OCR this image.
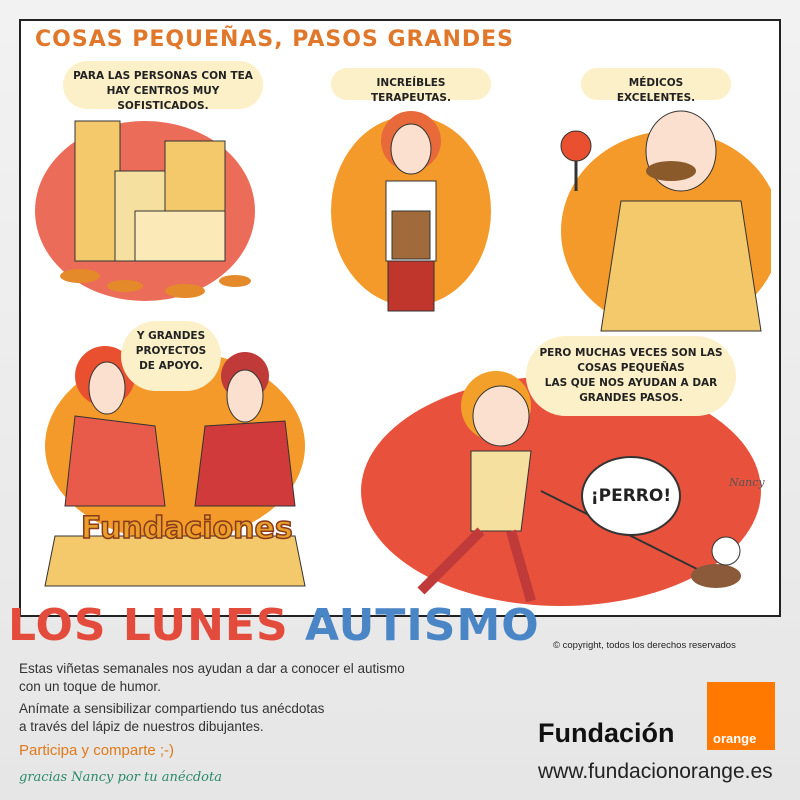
COSAS PEQUEÑAS, PASOS GRANDES
Fundaciones
Nancy
PARA LAS PERSONAS CON TEA
HAY CENTROS MUY SOFISTICADOS.
INCREÍBLES TERAPEUTAS.
MÉDICOS EXCELENTES.
Y GRANDES
PROYECTOS
DE APOYO.
PERO MUCHAS VECES SON LAS
COSAS PEQUEÑAS
LAS QUE NOS AYUDAN A DAR
GRANDES PASOS.
¡PERRO!
LOS LUNES AUTISMO © copyright, todos los derechos reservados
Estas viñetas semanales nos ayudan a dar a conocer el autismo
con un toque de humor.
Anímate a sensibilizar compartiendo tus anécdotas
a través del lápiz de nuestros dibujantes.
Participa y comparte ;-)
gracias Nancy por tu anécdota
Fundación	orange
www.fundacionorange.es
